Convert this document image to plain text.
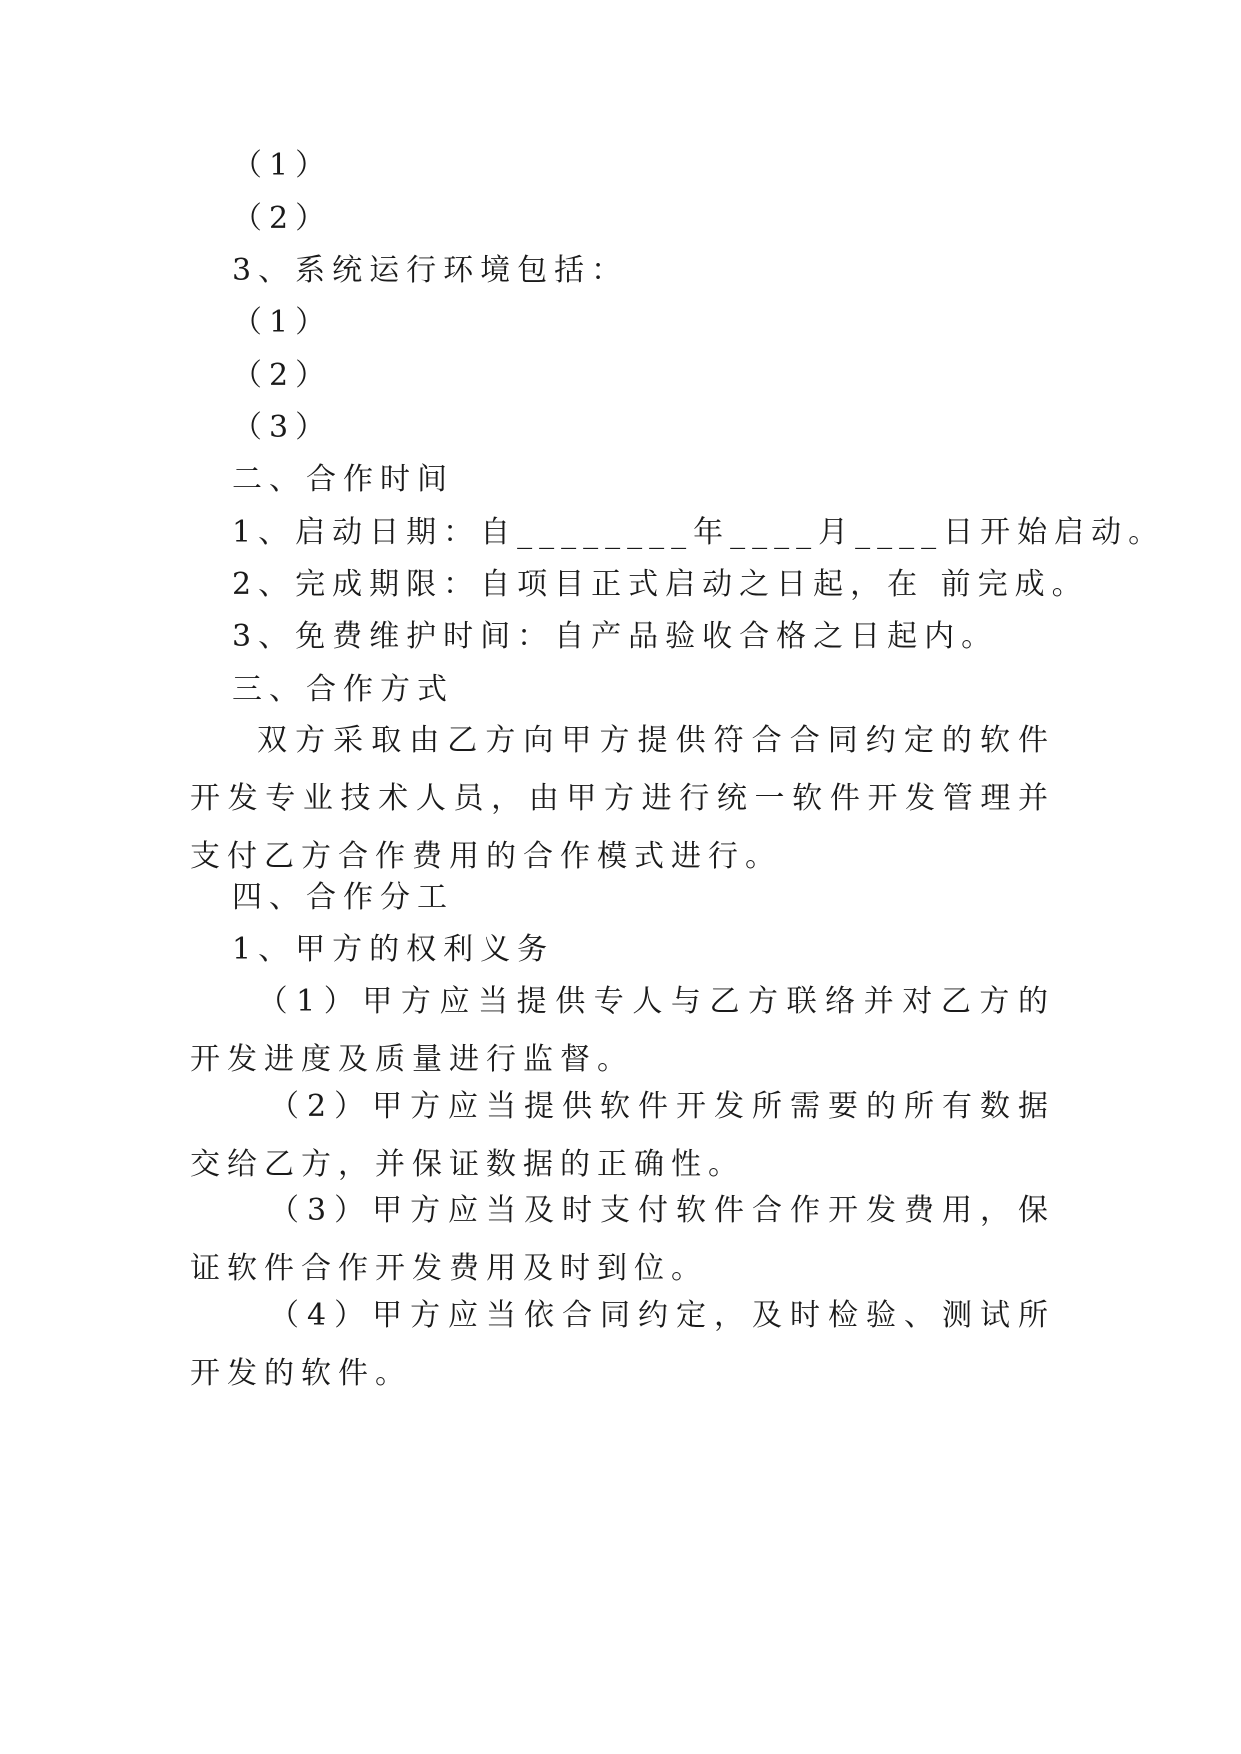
（1）

（2）

3、系统运行环境包括：

（1）

（2）

（3）

二、合作时间

1、启动日期：自________年____月____日开始启动。

2、完成期限：自项目正式启动之日起，在 前完成。

3、免费维护时间：自产品验收合格之日起内。

三、合作方式

双方采取由乙方向甲方提供符合合同约定的软件开发专业技术人员，由甲方进行统一软件开发管理并支付乙方合作费用的合作模式进行。

四、合作分工

1、甲方的权利义务

（1）甲方应当提供专人与乙方联络并对乙方的开发进度及质量进行监督。

（2）甲方应当提供软件开发所需要的所有数据交给乙方，并保证数据的正确性。

（3）甲方应当及时支付软件合作开发费用，保证软件合作开发费用及时到位。

（4）甲方应当依合同约定，及时检验、测试所开发的软件。
